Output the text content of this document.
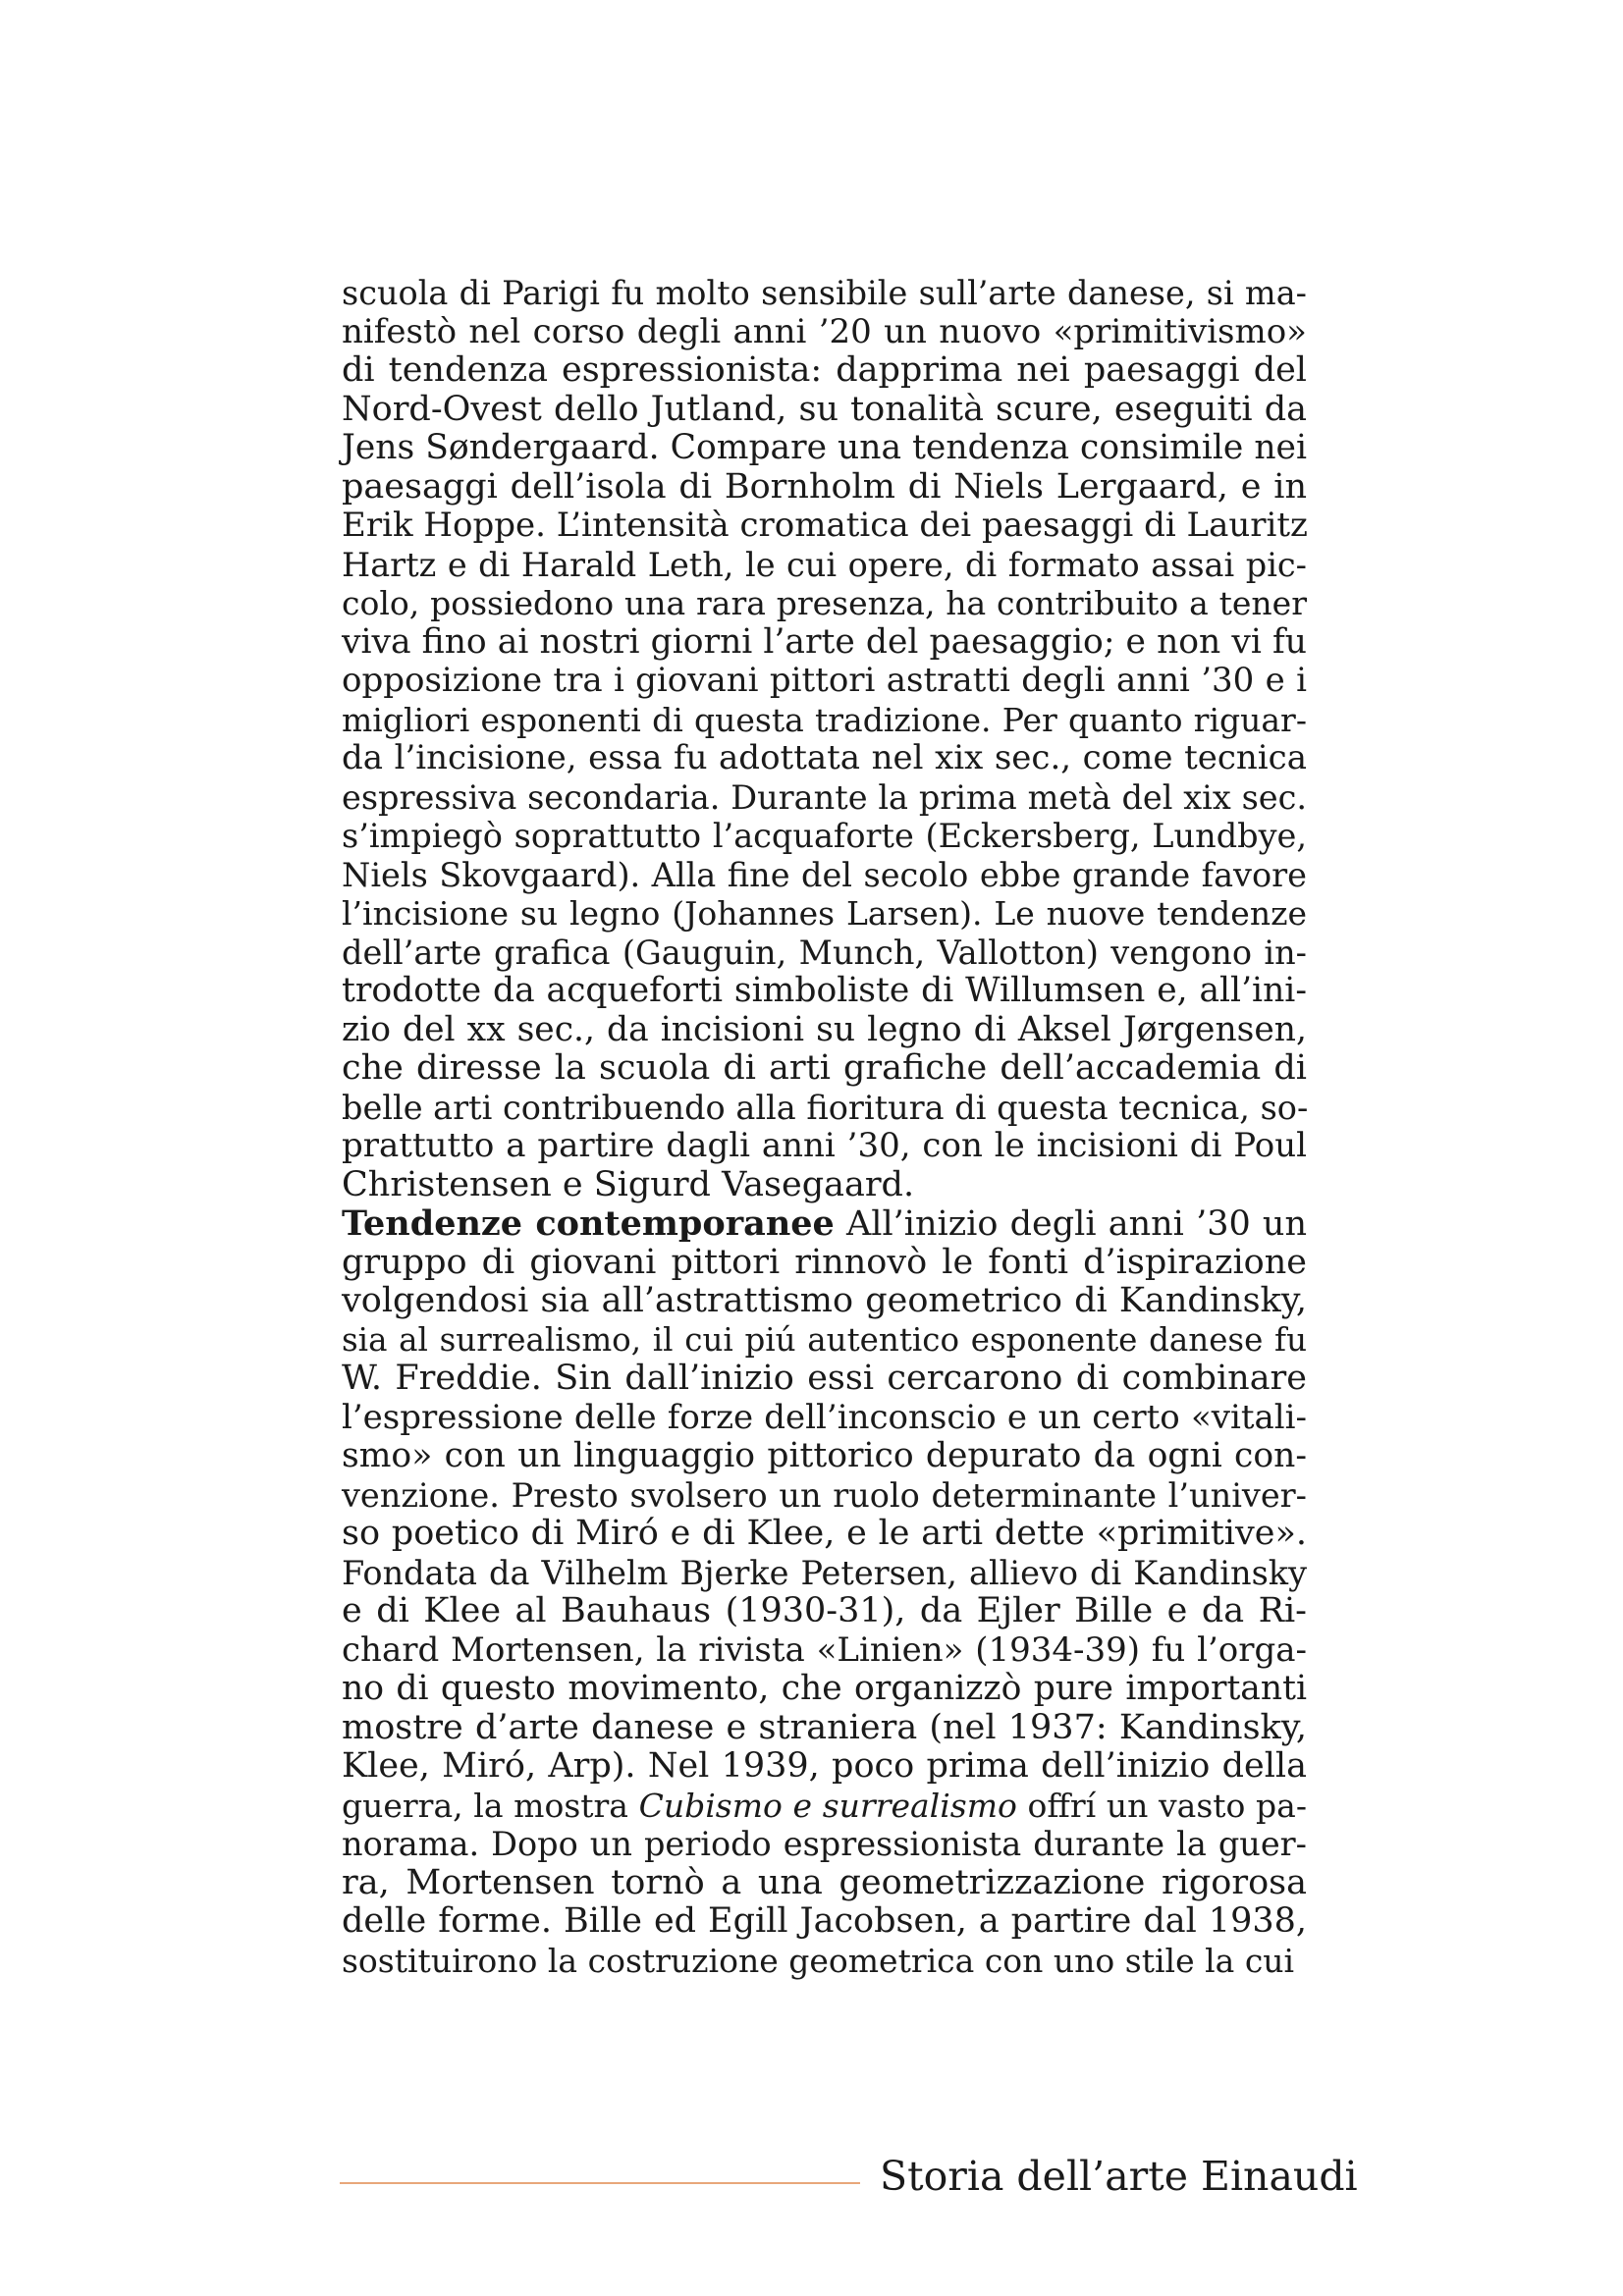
scuola di Parigi fu molto sensibile sull’arte danese, si ma-
nifestò nel corso degli anni ’20 un nuovo «primitivismo»
di tendenza espressionista: dapprima nei paesaggi del
Nord-Ovest dello Jutland, su tonalità scure, eseguiti da
Jens Søndergaard. Compare una tendenza consimile nei
paesaggi dell’isola di Bornholm di Niels Lergaard, e in
Erik Hoppe. L’intensità cromatica dei paesaggi di Lauritz
Hartz e di Harald Leth, le cui opere, di formato assai pic-
colo, possiedono una rara presenza, ha contribuito a tener
viva fino ai nostri giorni l’arte del paesaggio; e non vi fu
opposizione tra i giovani pittori astratti degli anni ’30 e i
migliori esponenti di questa tradizione. Per quanto riguar-
da l’incisione, essa fu adottata nel xix sec., come tecnica
espressiva secondaria. Durante la prima metà del xix sec.
s’impiegò soprattutto l’acquaforte (Eckersberg, Lundbye,
Niels Skovgaard). Alla fine del secolo ebbe grande favore
l’incisione su legno (Johannes Larsen). Le nuove tendenze
dell’arte grafica (Gauguin, Munch, Vallotton) vengono in-
trodotte da acqueforti simboliste di Willumsen e, all’ini-
zio del xx sec., da incisioni su legno di Aksel Jørgensen,
che diresse la scuola di arti grafiche dell’accademia di
belle arti contribuendo alla fioritura di questa tecnica, so-
prattutto a partire dagli anni ’30, con le incisioni di Poul
Christensen e Sigurd Vasegaard.
Tendenze contemporanee All’inizio degli anni ’30 un
gruppo di giovani pittori rinnovò le fonti d’ispirazione
volgendosi sia all’astrattismo geometrico di Kandinsky,
sia al surrealismo, il cui piú autentico esponente danese fu
W. Freddie. Sin dall’inizio essi cercarono di combinare
l’espressione delle forze dell’inconscio e un certo «vitali-
smo» con un linguaggio pittorico depurato da ogni con-
venzione. Presto svolsero un ruolo determinante l’univer-
so poetico di Miró e di Klee, e le arti dette «primitive».
Fondata da Vilhelm Bjerke Petersen, allievo di Kandinsky
e di Klee al Bauhaus (1930-31), da Ejler Bille e da Ri-
chard Mortensen, la rivista «Linien» (1934-39) fu l’orga-
no di questo movimento, che organizzò pure importanti
mostre d’arte danese e straniera (nel 1937: Kandinsky,
Klee, Miró, Arp). Nel 1939, poco prima dell’inizio della
guerra, la mostra Cubismo e surrealismo offrí un vasto pa-
norama. Dopo un periodo espressionista durante la guer-
ra, Mortensen tornò a una geometrizzazione rigorosa
delle forme. Bille ed Egill Jacobsen, a partire dal 1938,
sostituirono la costruzione geometrica con uno stile la cui
Storia dell’arte Einaudi
